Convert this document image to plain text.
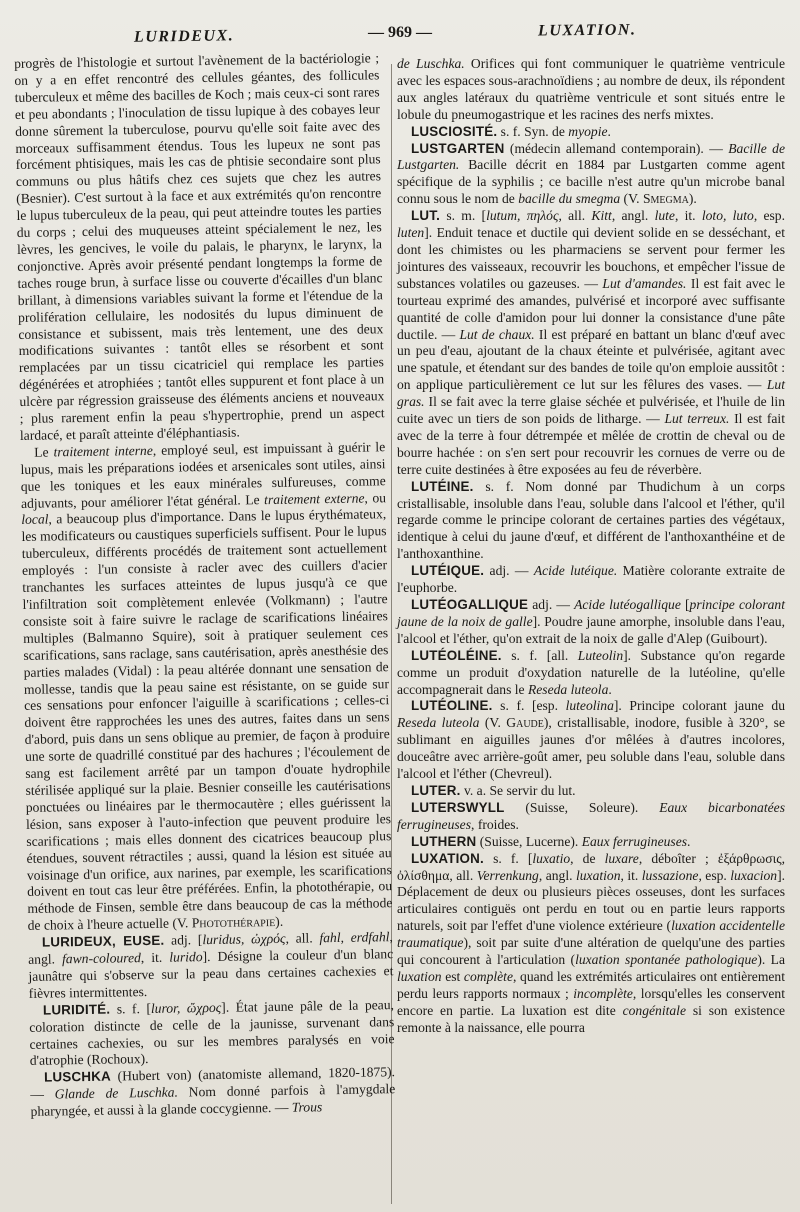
LURIDEUX.	— 969 —	LUXATION.

progrès de l'histologie et surtout l'avènement de la bactériologie ; on y a en effet rencontré des cellules géantes, des follicules tuberculeux et même des bacilles de Koch ; mais ceux-ci sont rares et peu abondants ; l'inoculation de tissu lupique à des cobayes leur donne sûrement la tuberculose, pourvu qu'elle soit faite avec des morceaux suffisamment étendus. Tous les lupeux ne sont pas forcément phtisiques, mais les cas de phtisie secondaire sont plus communs ou plus hâtifs chez ces sujets que chez les autres (Besnier). C'est surtout à la face et aux extrémités qu'on rencontre le lupus tuberculeux de la peau, qui peut atteindre toutes les parties du corps ; celui des muqueuses atteint spécialement le nez, les lèvres, les gencives, le voile du palais, le pharynx, le larynx, la conjonctive. Après avoir présenté pendant longtemps la forme de taches rouge brun, à surface lisse ou couverte d'écailles d'un blanc brillant, à dimensions variables suivant la forme et l'étendue de la prolifération cellulaire, les nodosités du lupus diminuent de consistance et subissent, mais très lentement, une des deux modifications suivantes : tantôt elles se résorbent et sont remplacées par un tissu cicatriciel qui remplace les parties dégénérées et atrophiées ; tantôt elles suppurent et font place à un ulcère par régression graisseuse des éléments anciens et nouveaux ; plus rarement enfin la peau s'hypertrophie, prend un aspect lardacé, et paraît atteinte d'éléphantiasis.

Le traitement interne, employé seul, est impuissant à guérir le lupus, mais les préparations iodées et arsenicales sont utiles, ainsi que les toniques et les eaux minérales sulfureuses, comme adjuvants, pour améliorer l'état général. Le traitement externe, ou local, a beaucoup plus d'importance. Dans le lupus érythémateux, les modificateurs ou caustiques superficiels suffisent. Pour le lupus tuberculeux, différents procédés de traitement sont actuellement employés : l'un consiste à racler avec des cuillers d'acier tranchantes les surfaces atteintes de lupus jusqu'à ce que l'infiltration soit complètement enlevée (Volkmann) ; l'autre consiste soit à faire suivre le raclage de scarifications linéaires multiples (Balmanno Squire), soit à pratiquer seulement ces scarifications, sans raclage, sans cautérisation, après anesthésie des parties malades (Vidal) : la peau altérée donnant une sensation de mollesse, tandis que la peau saine est résistante, on se guide sur ces sensations pour enfoncer l'aiguille à scarifications ; celles-ci doivent être rapprochées les unes des autres, faites dans un sens d'abord, puis dans un sens oblique au premier, de façon à produire une sorte de quadrillé constitué par des hachures ; l'écoulement de sang est facilement arrêté par un tampon d'ouate hydrophile stérilisée appliqué sur la plaie. Besnier conseille les cautérisations ponctuées ou linéaires par le thermocautère ; elles guérissent la lésion, sans exposer à l'auto-infection que peuvent produire les scarifications ; mais elles donnent des cicatrices beaucoup plus étendues, souvent rétractiles ; aussi, quand la lésion est située au voisinage d'un orifice, aux narines, par exemple, les scarifications doivent en tout cas leur être préférées. Enfin, la photothérapie, ou méthode de Finsen, semble être dans beaucoup de cas la méthode de choix à l'heure actuelle (V. Photothérapie).

LURIDEUX, EUSE. adj. [luridus, ὠχρός, all. fahl, erdfahl, angl. fawn-coloured, it. lurido]. Désigne la couleur d'un blanc jaunâtre qui s'observe sur la peau dans certaines cachexies et fièvres intermittentes.

LURIDITÉ. s. f. [luror, ὤχρος]. État jaune pâle de la peau, coloration distincte de celle de la jaunisse, survenant dans certaines cachexies, ou sur les membres paralysés en voie d'atrophie (Rochoux).

LUSCHKA (Hubert von) (anatomiste allemand, 1820-1875). — Glande de Luschka. Nom donné parfois à l'amygdale pharyngée, et aussi à la glande coccygienne. — Trous

de Luschka. Orifices qui font communiquer le quatrième ventricule avec les espaces sous-arachnoïdiens ; au nombre de deux, ils répondent aux angles latéraux du quatrième ventricule et sont situés entre le lobule du pneumogastrique et les racines des nerfs mixtes.

LUSCIOSITÉ. s. f. Syn. de myopie.

LUSTGARTEN (médecin allemand contemporain). — Bacille de Lustgarten. Bacille décrit en 1884 par Lustgarten comme agent spécifique de la syphilis ; ce bacille n'est autre qu'un microbe banal connu sous le nom de bacille du smegma (V. Smegma).

LUT. s. m. [lutum, πηλός, all. Kitt, angl. lute, it. loto, luto, esp. luten]. Enduit tenace et ductile qui devient solide en se desséchant, et dont les chimistes ou les pharmaciens se servent pour fermer les jointures des vaisseaux, recouvrir les bouchons, et empêcher l'issue de substances volatiles ou gazeuses. — Lut d'amandes. Il est fait avec le tourteau exprimé des amandes, pulvérisé et incorporé avec suffisante quantité de colle d'amidon pour lui donner la consistance d'une pâte ductile. — Lut de chaux. Il est préparé en battant un blanc d'œuf avec un peu d'eau, ajoutant de la chaux éteinte et pulvérisée, agitant avec une spatule, et étendant sur des bandes de toile qu'on emploie aussitôt : on applique particulièrement ce lut sur les fêlures des vases. — Lut gras. Il se fait avec la terre glaise séchée et pulvérisée, et l'huile de lin cuite avec un tiers de son poids de litharge. — Lut terreux. Il est fait avec de la terre à four détrempée et mêlée de crottin de cheval ou de bourre hachée : on s'en sert pour recouvrir les cornues de verre ou de terre cuite destinées à être exposées au feu de réverbère.

LUTÉINE. s. f. Nom donné par Thudichum à un corps cristallisable, insoluble dans l'eau, soluble dans l'alcool et l'éther, qu'il regarde comme le principe colorant de certaines parties des végétaux, identique à celui du jaune d'œuf, et différent de l'anthoxanthéine et de l'anthoxanthine.

LUTÉIQUE. adj. — Acide lutéique. Matière colorante extraite de l'euphorbe.

LUTÉOGALLIQUE adj. — Acide lutéogallique [principe colorant jaune de la noix de galle]. Poudre jaune amorphe, insoluble dans l'eau, l'alcool et l'éther, qu'on extrait de la noix de galle d'Alep (Guibourt).

LUTÉOLÉINE. s. f. [all. Luteolin]. Substance qu'on regarde comme un produit d'oxydation naturelle de la lutéoline, qu'elle accompagnerait dans le Reseda luteola.

LUTÉOLINE. s. f. [esp. luteolina]. Principe colorant jaune du Reseda luteola (V. Gaude), cristallisable, inodore, fusible à 320°, se sublimant en aiguilles jaunes d'or mêlées à d'autres incolores, douceâtre avec arrière-goût amer, peu soluble dans l'eau, soluble dans l'alcool et l'éther (Chevreul).

LUTER. v. a. Se servir du lut.

LUTERSWYLL (Suisse, Soleure). Eaux bicarbonatées ferrugineuses, froides.

LUTHERN (Suisse, Lucerne). Eaux ferrugineuses.

LUXATION. s. f. [luxatio, de luxare, déboîter ; ἐξάρθρωσις, ὀλίσθημα, all. Verrenkung, angl. luxation, it. lussazione, esp. luxacion]. Déplacement de deux ou plusieurs pièces osseuses, dont les surfaces articulaires contiguës ont perdu en tout ou en partie leurs rapports naturels, soit par l'effet d'une violence extérieure (luxation accidentelle traumatique), soit par suite d'une altération de quelqu'une des parties qui concourent à l'articulation (luxation spontanée pathologique). La luxation est complète, quand les extrémités articulaires ont entièrement perdu leurs rapports normaux ; incomplète, lorsqu'elles les conservent encore en partie. La luxation est dite congénitale si son existence remonte à la naissance, elle pourra
